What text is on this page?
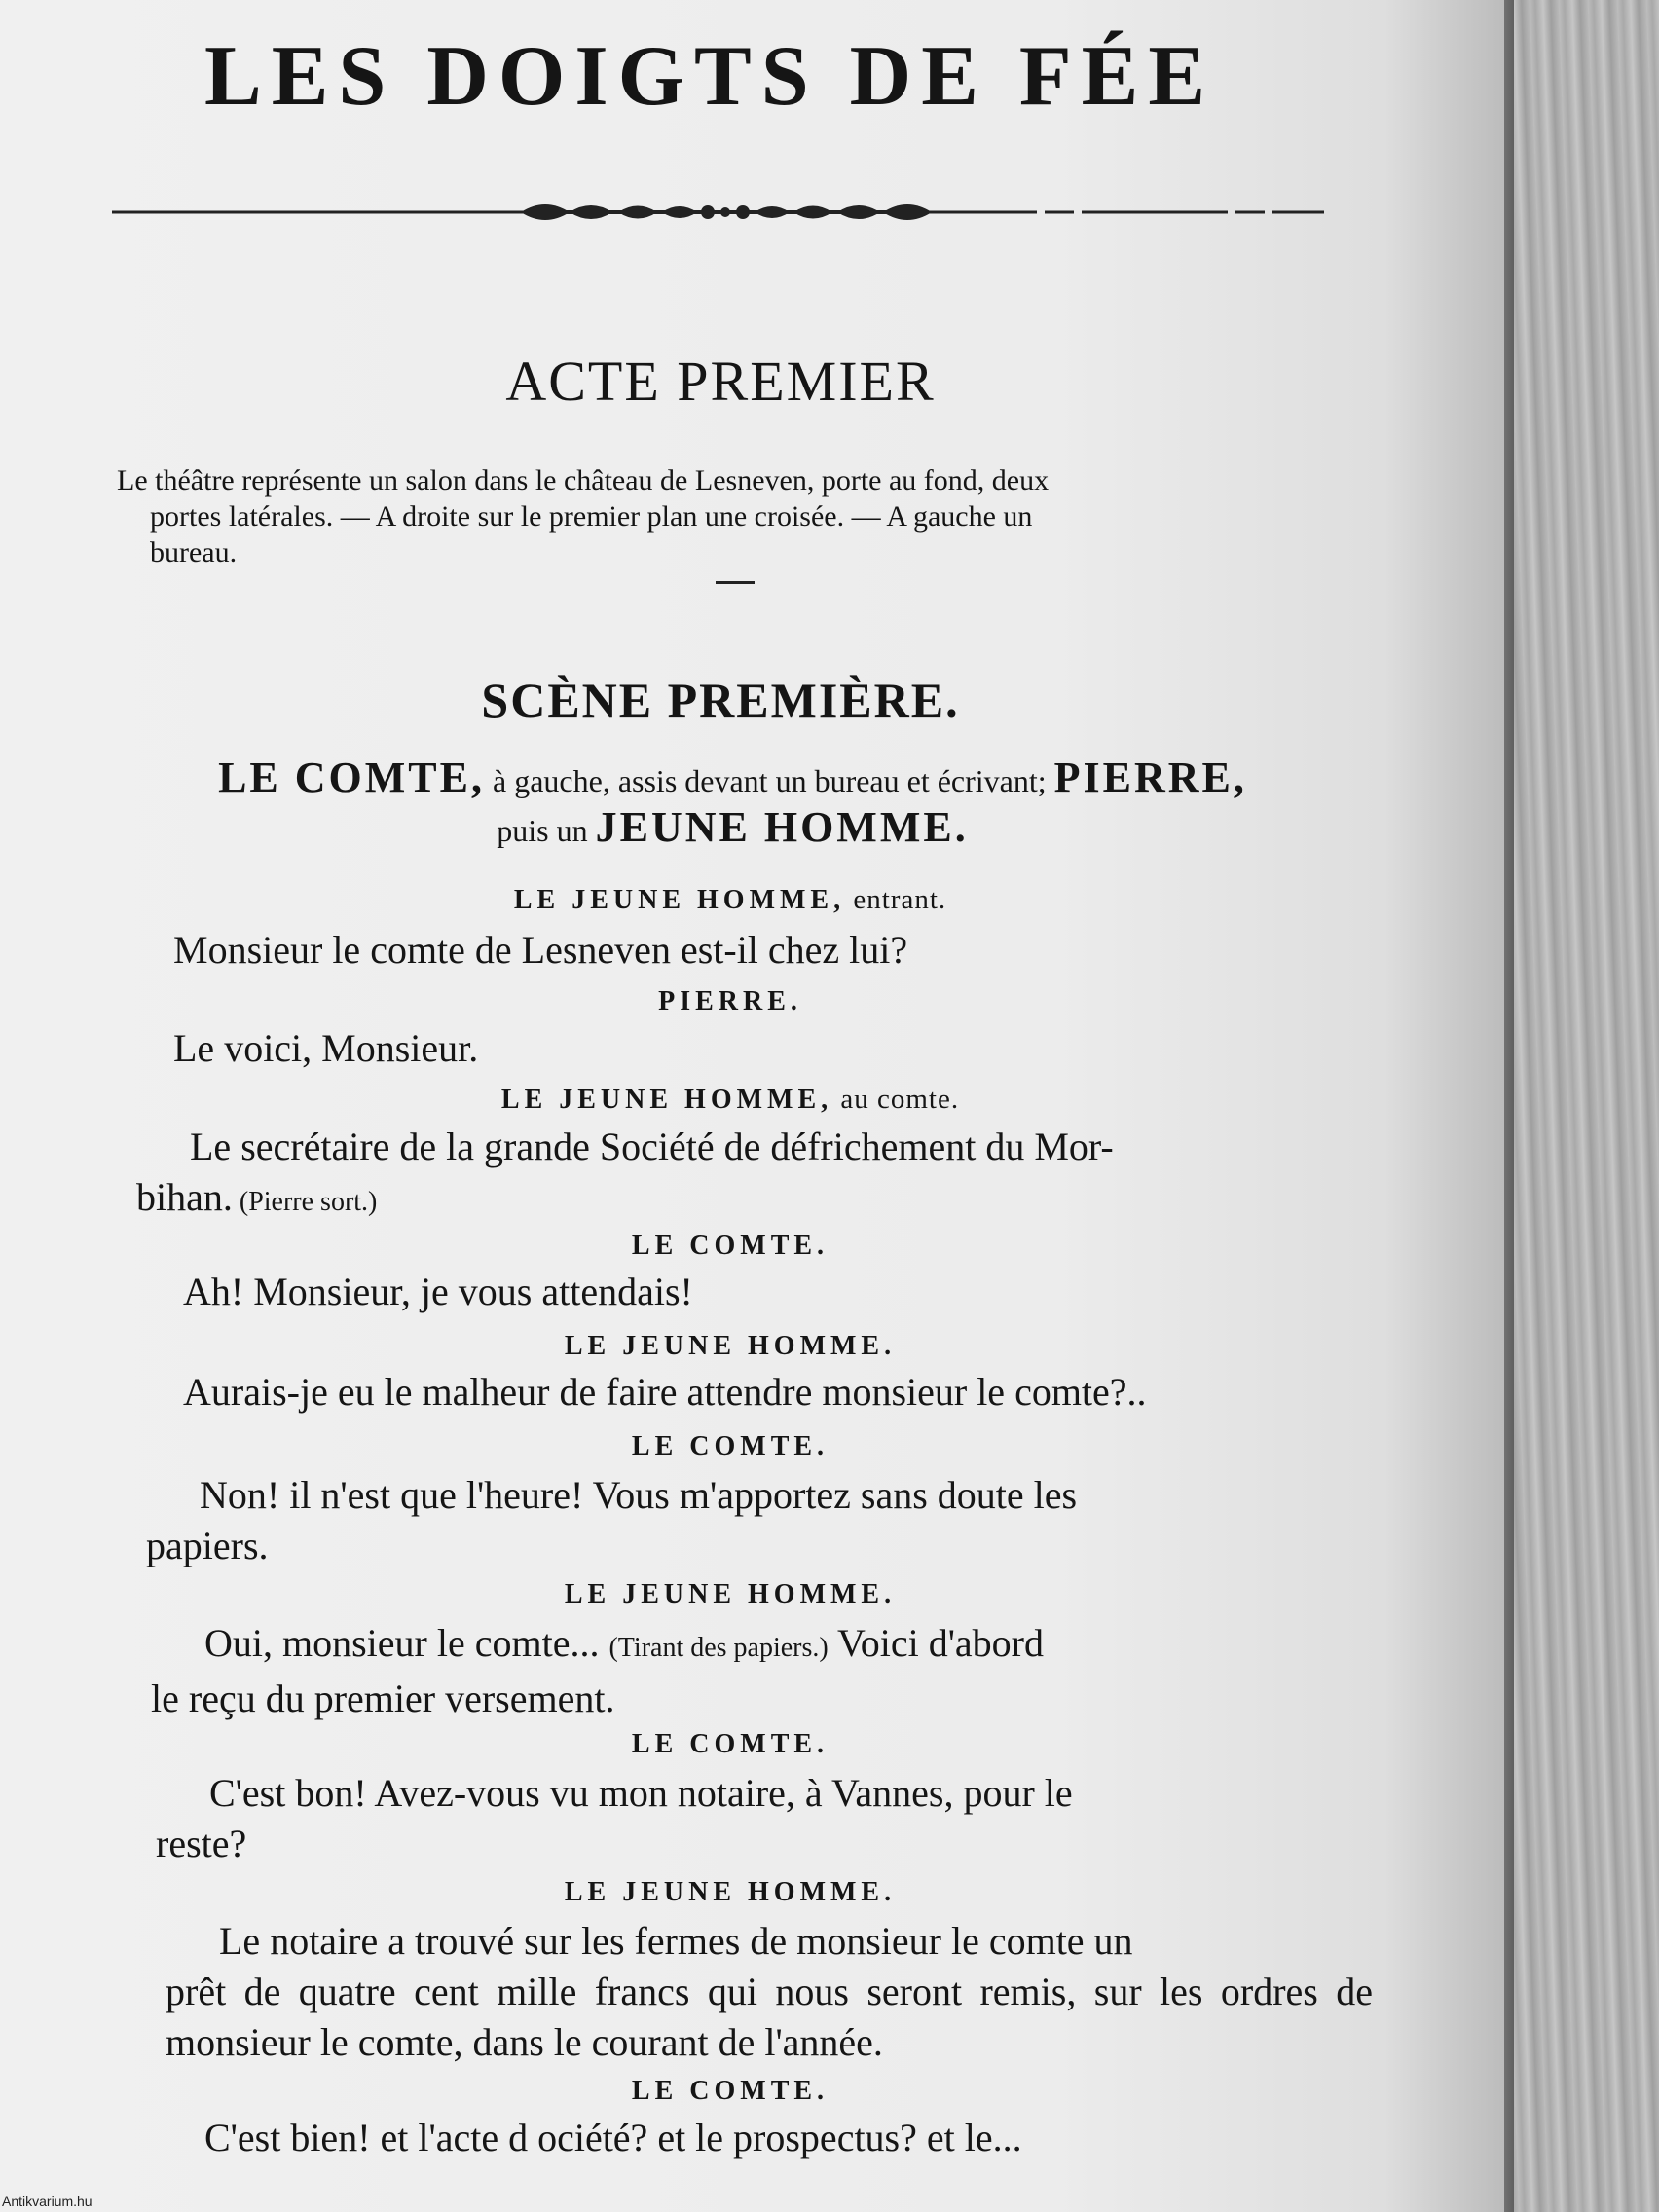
LES DOIGTS DE FÉE
ACTE PREMIER
Le théâtre représente un salon dans le château de Lesneven, porte au fond, deux
portes latérales. — A droite sur le premier plan une croisée. — A gauche un
bureau.
SCÈNE PREMIÈRE.
LE COMTE, à gauche, assis devant un bureau et écrivant; PIERRE,
puis un JEUNE HOMME.
LE JEUNE HOMME, entrant.
Monsieur le comte de Lesneven est-il chez lui?
PIERRE.
Le voici, Monsieur.
LE JEUNE HOMME, au comte.
Le secrétaire de la grande Société de défrichement du Mor-
bihan. (Pierre sort.)
LE COMTE.
Ah! Monsieur, je vous attendais!
LE JEUNE HOMME.
Aurais-je eu le malheur de faire attendre monsieur le comte?..
LE COMTE.
Non! il n'est que l'heure! Vous m'apportez sans doute les
papiers.
LE JEUNE HOMME.
Oui, monsieur le comte... (Tirant des papiers.) Voici d'abord
le reçu du premier versement.
LE COMTE.
C'est bon! Avez-vous vu mon notaire, à Vannes, pour le
reste?
LE JEUNE HOMME.
Le notaire a trouvé sur les fermes de monsieur le comte un
prêt de quatre cent mille francs qui nous seront remis, sur les ordres de monsieur le comte, dans le courant de l'année.
LE COMTE.
C'est bien! et l'acte d ociété? et le prospectus? et le...
Antikvarium.hu
